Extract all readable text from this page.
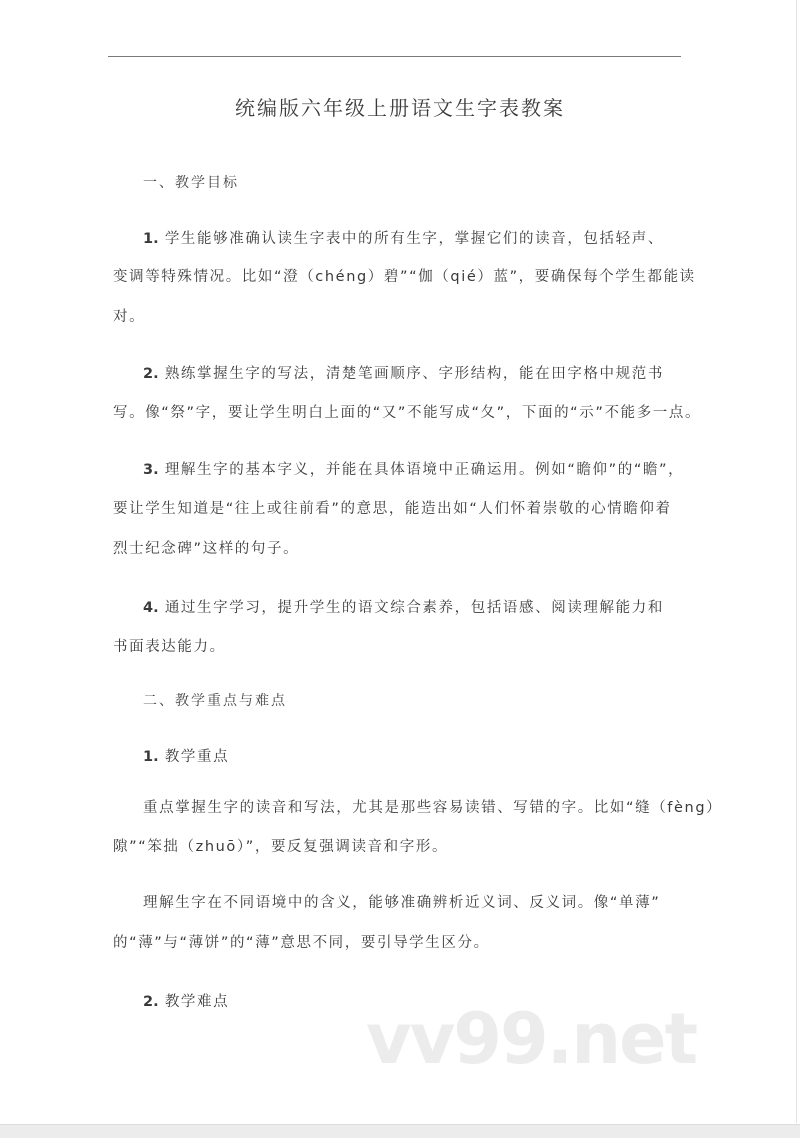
统编版六年级上册语文生字表教案
一、教学目标
1. 学生能够准确认读生字表中的所有生字，掌握它们的读音，包括轻声、
变调等特殊情况。比如“澄（chéng）碧”“伽（qié）蓝”，要确保每个学生都能读
对。
2. 熟练掌握生字的写法，清楚笔画顺序、字形结构，能在田字格中规范书
写。像“祭”字，要让学生明白上面的“又”不能写成“夂”，下面的“示”不能多一点。
3. 理解生字的基本字义，并能在具体语境中正确运用。例如“瞻仰”的“瞻”，
要让学生知道是“往上或往前看”的意思，能造出如“人们怀着崇敬的心情瞻仰着
烈士纪念碑”这样的句子。
4. 通过生字学习，提升学生的语文综合素养，包括语感、阅读理解能力和
书面表达能力。
二、教学重点与难点
1. 教学重点
重点掌握生字的读音和写法，尤其是那些容易读错、写错的字。比如“缝（fèng）
隙”“笨拙（zhuō）”，要反复强调读音和字形。
理解生字在不同语境中的含义，能够准确辨析近义词、反义词。像“单薄”
的“薄”与“薄饼”的“薄”意思不同，要引导学生区分。
2. 教学难点	vv99.net
